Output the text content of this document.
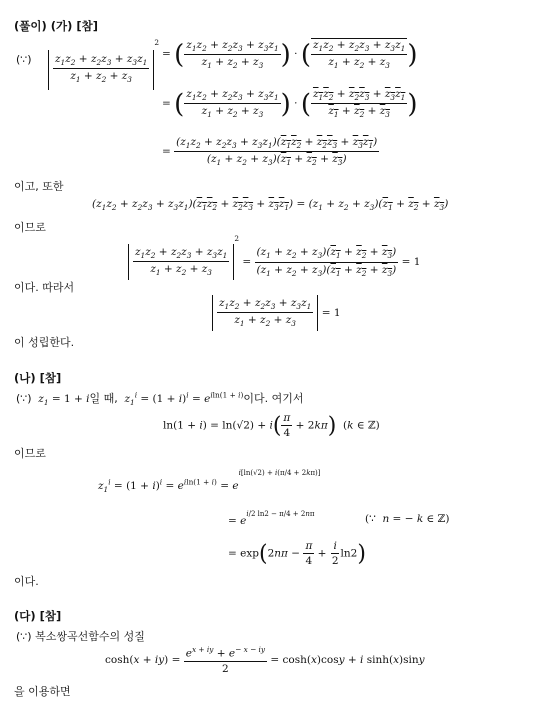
(풀이) (가) [참]
(∵) $\frac{z_1z_2 + z_2z_3 + z_3z_1}{z_1 + z_2 + z_3}$
$^2$
= ( $\frac{z_1z_2 + z_2z_3 + z_3z_1}{z_1 + z_2 + z_3}$ ) · ( $\frac{z_1z_2 + z_2z_3 + z_3z_1}{z_1 + z_2 + z_3}$ )
= ( $\frac{z_1z_2 + z_2z_3 + z_3z_1}{z_1 + z_2 + z_3}$ ) · ( $\frac{z_1z_2 + z_2z_3 + z_3z_1}{z_1 + z_2 + z_3}$ )
= $\frac{(z_1z_2 + z_2z_3 + z_3z_1)(z_1z_2 + z_2z_3 + z_3z_1)}{(z_1 + z_2 + z_3)(z_1 + z_2 + z_3)}$
이고, 또한
$(z_1z_2 + z_2z_3 + z_3z_1)(z_1z_2 + z_2z_3 + z_3z_1) = (z_1 + z_2 + z_3)(z_1 + z_2 + z_3)$
이므로
$\frac{z_1z_2 + z_2z_3 + z_3z_1}{z_1 + z_2 + z_3}$
$^2 = \frac{(z_1 + z_2 + z_3)(z_1 + z_2 + z_3)}{(z_1 + z_2 + z_3)(z_1 + z_2 + z_3)} = 1$
이다. 따라서
$\frac{z_1z_2 + z_2z_3 + z_3z_1}{z_1 + z_2 + z_3} = 1$
이 성립한다.
(나) [참]
(∵) $z_1 = 1 + i$일 때, $z_1^i = (1 + i)^i = e^{iln(1 + i)}$이다. 여기서
$\ln(1 + i) = \ln(√2) + i( \frac{\pi}{4} + 2k\pi)$  (k ∈ ℤ)
이므로
$z_1^i = (1 + i)^i = e^{iln(1 + i)} = e^{i[ln(√2) + i(\pi/4 + 2k\pi)]}$
= $e^{i/2 ln2 - \pi/4 + 2n\pi}$	(∵  n = − k ∈ ℤ)
= $\exp(2n\pi - \frac{\pi}{4} + \frac{i}{2} \ln 2)$
이다.
(다) [참]
(∵) 복소쌍곡선함수의 성질
$\cosh(x + iy) = \frac{e^{x + iy} + e^{- x - iy}}{2} = \cosh(x)\cos y + i$ sinh(x)siny
을 이용하면
